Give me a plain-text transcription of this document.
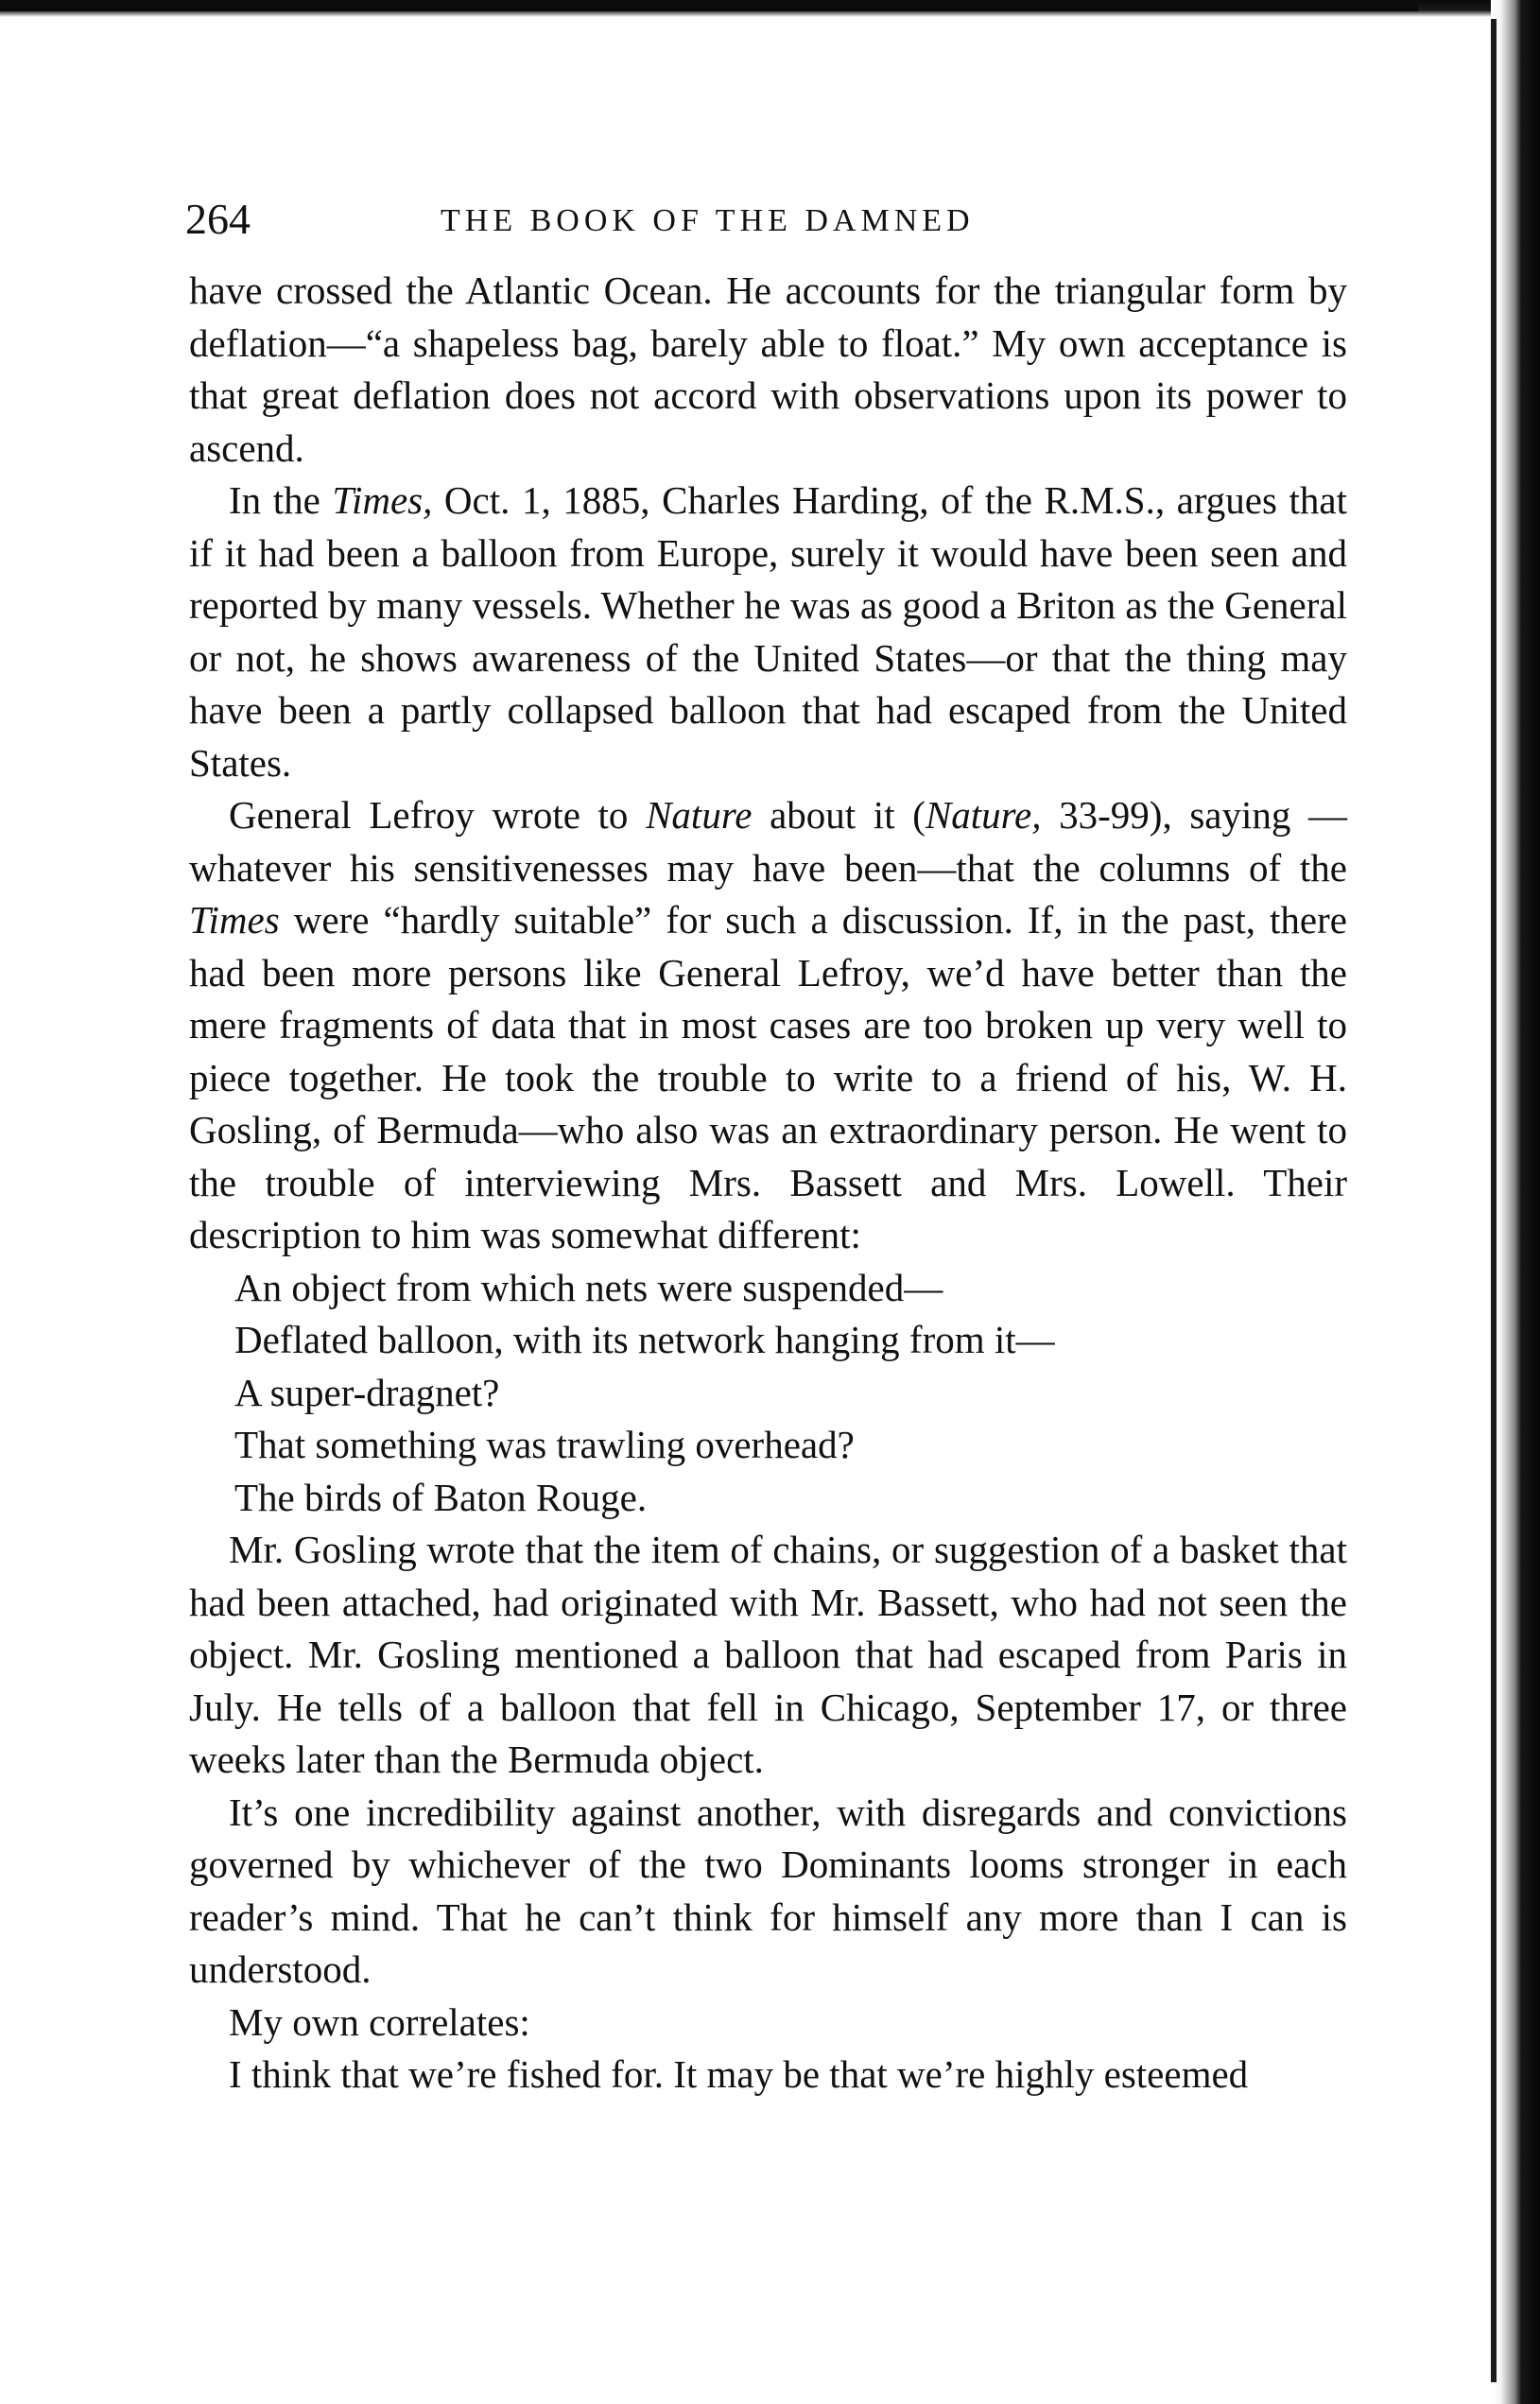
264	THE BOOK OF THE DAMNED

have crossed the Atlantic Ocean. He accounts for the triangular form by deflation—“a shapeless bag, barely able to float.” My own acceptance is that great deflation does not accord with observations upon its power to ascend.

In the Times, Oct. 1, 1885, Charles Harding, of the R.M.S., argues that if it had been a balloon from Europe, surely it would have been seen and reported by many vessels. Whether he was as good a Briton as the General or not, he shows awareness of the United States—or that the thing may have been a partly collapsed balloon that had escaped from the United States.

General Lefroy wrote to Nature about it (Nature, 33-99), saying —whatever his sensitivenesses may have been—that the columns of the Times were “hardly suitable” for such a discussion. If, in the past, there had been more persons like General Lefroy, we’d have better than the mere fragments of data that in most cases are too broken up very well to piece together. He took the trouble to write to a friend of his, W. H. Gosling, of Bermuda—who also was an extraordinary person. He went to the trouble of interviewing Mrs. Bassett and Mrs. Lowell. Their description to him was somewhat different:

An object from which nets were suspended—

Deflated balloon, with its network hanging from it—

A super-dragnet?

That something was trawling overhead?

The birds of Baton Rouge.

Mr. Gosling wrote that the item of chains, or suggestion of a basket that had been attached, had originated with Mr. Bassett, who had not seen the object. Mr. Gosling mentioned a balloon that had escaped from Paris in July. He tells of a balloon that fell in Chicago, September 17, or three weeks later than the Bermuda object.

It’s one incredibility against another, with disregards and convictions governed by whichever of the two Dominants looms stronger in each reader’s mind. That he can’t think for himself any more than I can is understood.

My own correlates:

I think that we’re fished for. It may be that we’re highly esteemed
